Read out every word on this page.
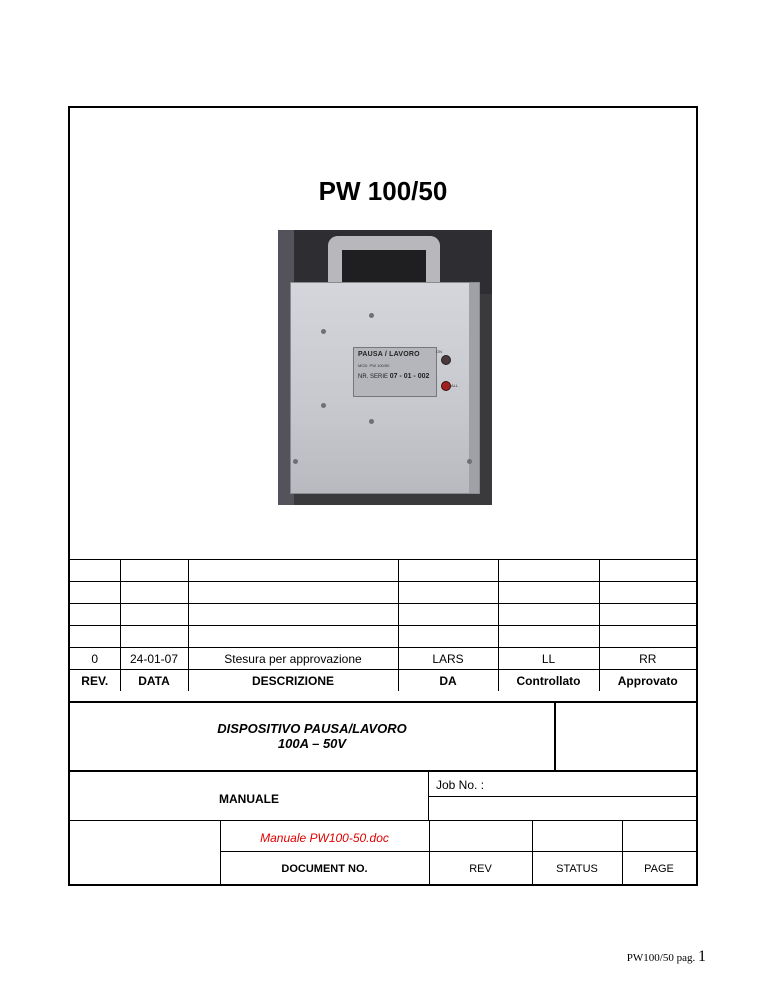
PW 100/50
PAUSA / LAVORO
MOD. PW 100/50
NR. SERIE 07 - 01 - 002
ON
ALL

0	24-01-07	Stesura per approvazione	LARS	LL	RR
REV.	DATA	DESCRIZIONE	DA	Controllato	Approvato
DISPOSITIVO PAUSA/LAVORO
100A – 50V
MANUALE
Job No. :
Manuale PW100-50.doc
DOCUMENT NO.	REV	STATUS	PAGE
PW100/50 pag. 1
